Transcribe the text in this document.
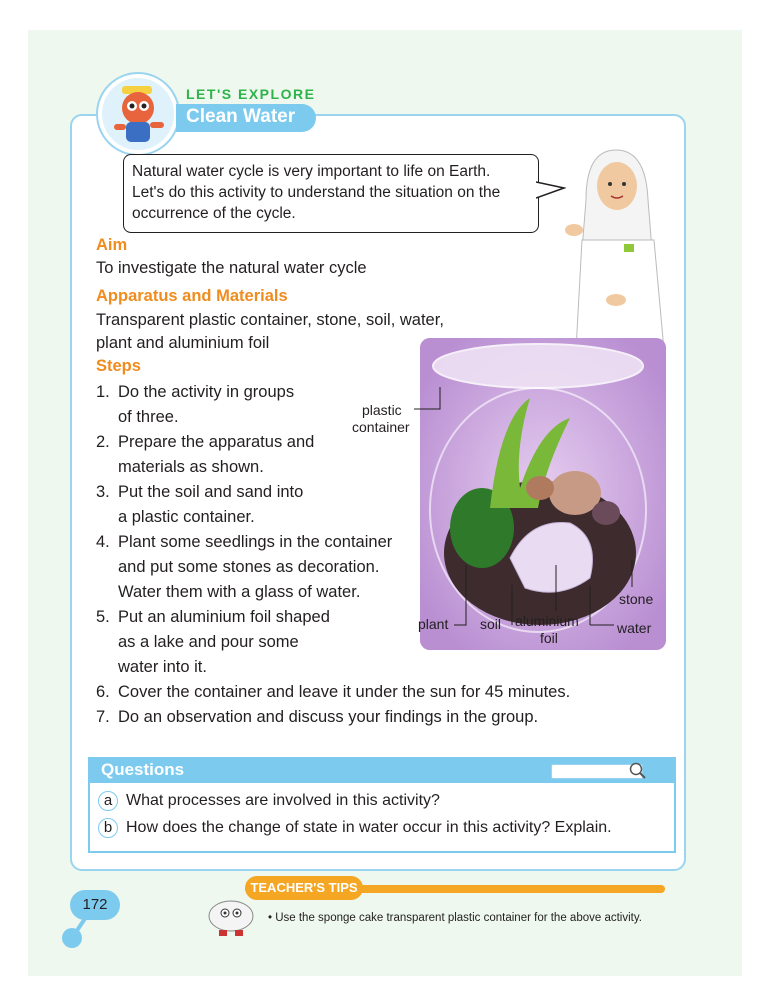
LET'S EXPLORE
Clean Water
Natural water cycle is very important to life on Earth.
Let's do this activity to understand the situation on the
occurrence of the cycle.
Aim
To investigate the natural water cycle
Apparatus and Materials
Transparent plastic container, stone, soil, water,
plant and aluminium foil
Steps
1. Do the activity in groups
of three.
2. Prepare the apparatus and
materials as shown.
3. Put the soil and sand into
a plastic container.
4. Plant some seedlings in the container
and put some stones as decoration.
Water them with a glass of water.
5. Put an aluminium foil shaped
as a lake and pour some
water into it.
6. Cover the container and leave it under the sun for 45 minutes.
7. Do an observation and discuss your findings in the group.
plastic
container
stone
water
plant soil aluminium
foil
Questions
a What processes are involved in this activity?
b How does the change of state in water occur in this activity? Explain.
172
TEACHER'S TIPS
• Use the sponge cake transparent plastic container for the above activity.
